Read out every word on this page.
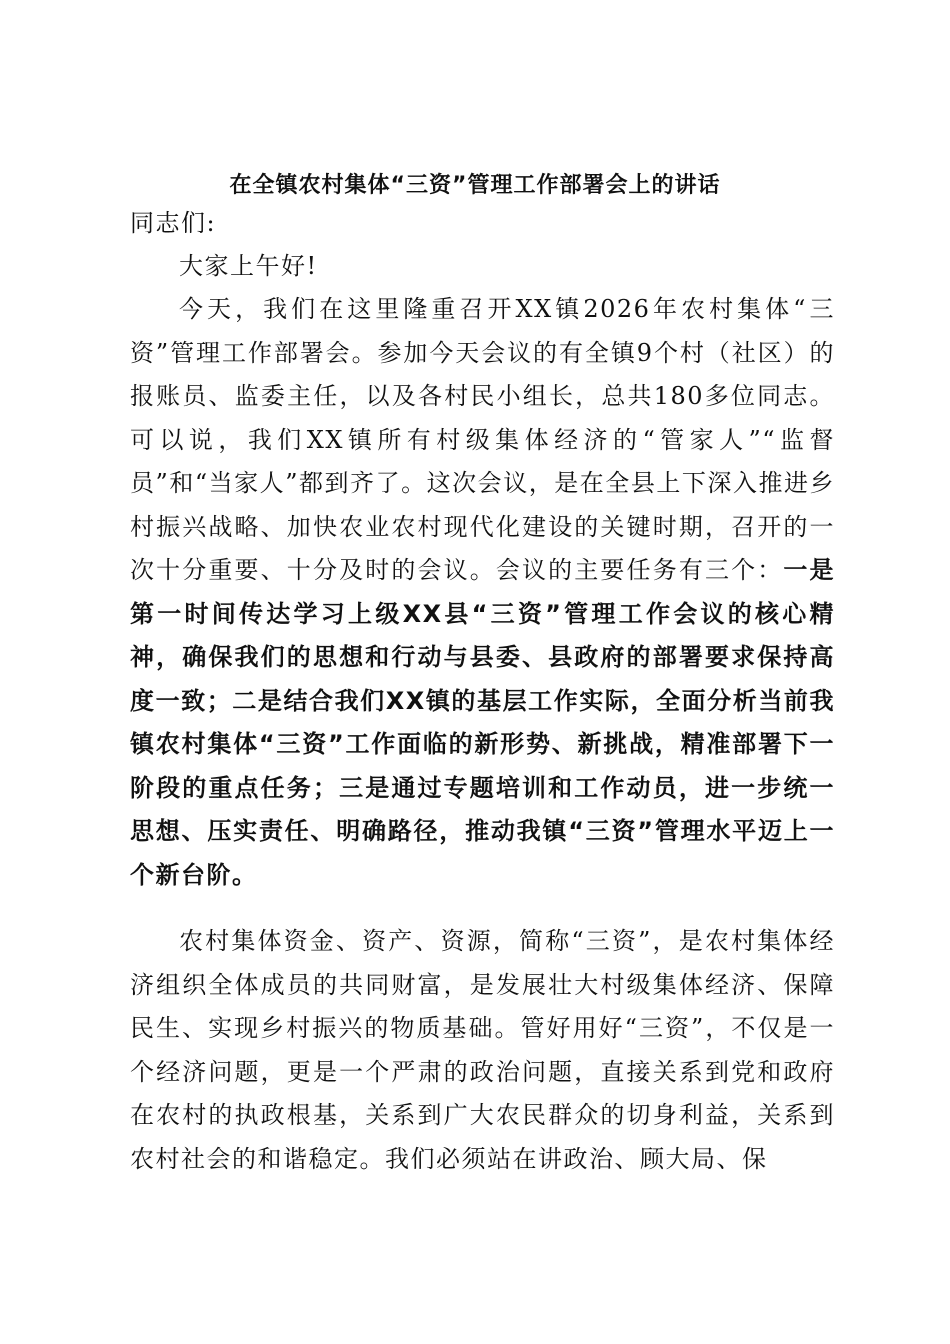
在全镇农村集体“三资”管理工作部署会上的讲话
同志们:
大家上午好!
今天，我们在这里隆重召开XX镇2026年农村集体“三资”管理工作部署会。参加今天会议的有全镇9个村（社区）的报账员、监委主任，以及各村民小组长，总共180多位同志。可以说，我们XX镇所有村级集体经济的“管家人”“监督员”和“当家人”都到齐了。这次会议，是在全县上下深入推进乡村振兴战略、加快农业农村现代化建设的关键时期，召开的一次十分重要、十分及时的会议。会议的主要任务有三个：一是第一时间传达学习上级XX县“三资”管理工作会议的核心精神，确保我们的思想和行动与县委、县政府的部署要求保持高度一致；二是结合我们XX镇的基层工作实际，全面分析当前我镇农村集体“三资”工作面临的新形势、新挑战，精准部署下一阶段的重点任务；三是通过专题培训和工作动员，进一步统一思想、压实责任、明确路径，推动我镇“三资”管理水平迈上一个新台阶。
农村集体资金、资产、资源，简称“三资”，是农村集体经济组织全体成员的共同财富，是发展壮大村级集体经济、保障民生、实现乡村振兴的物质基础。管好用好“三资”，不仅是一个经济问题，更是一个严肃的政治问题，直接关系到党和政府在农村的执政根基，关系到广大农民群众的切身利益，关系到农村社会的和谐稳定。我们必须站在讲政治、顾大局、保
